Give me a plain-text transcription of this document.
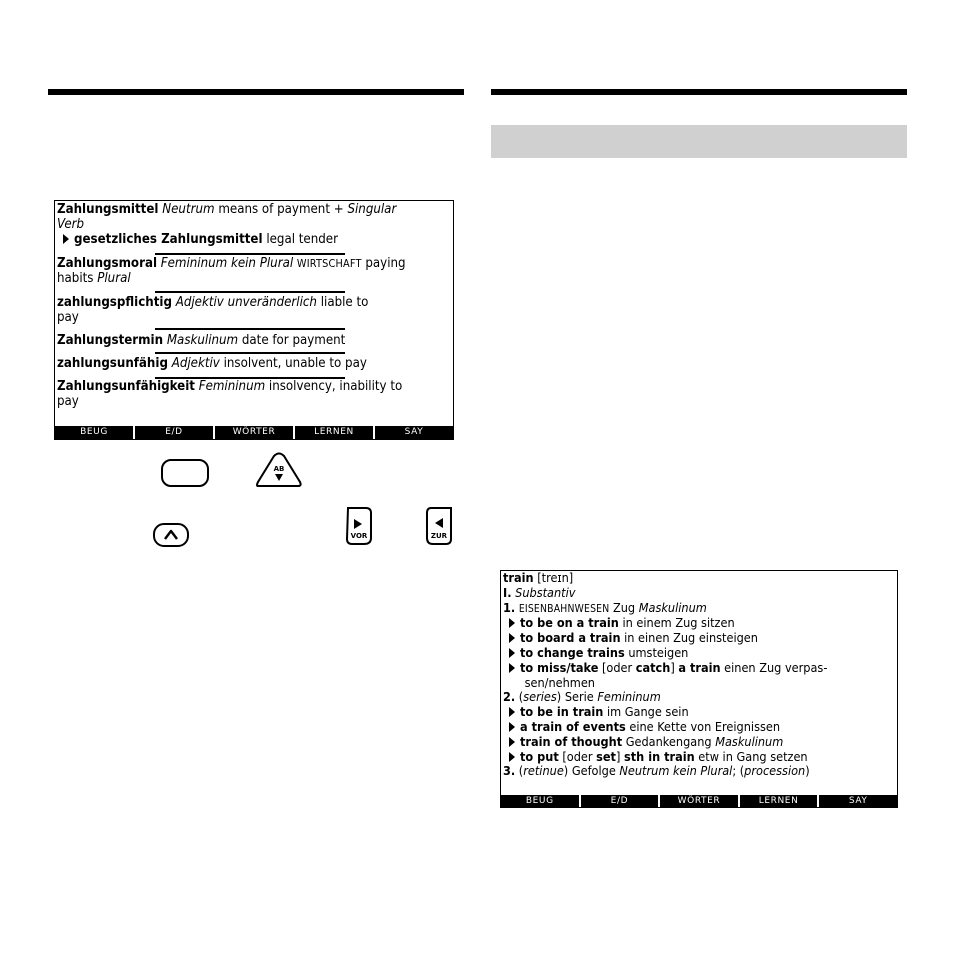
Zahlungsmittel Neutrum means of payment + Singular
Verb
gesetzliches Zahlungsmittel legal tender
Zahlungsmoral Femininum kein Plural WIRTSCHAFT paying
habits Plural
zahlungspflichtig Adjektiv unveränderlich liable to
pay
Zahlungstermin Maskulinum date for payment
zahlungsunfähig Adjektiv insolvent, unable to pay
Zahlungsunfähigkeit Femininum insolvency, inability to
pay
BEUG	E/D	WÖRTER	LERNEN	SAY
AB
VOR	ZUR
train [treɪn]
I. Substantiv
1. EISENBAHNWESEN Zug Maskulinum
to be on a train in einem Zug sitzen
to board a train in einen Zug einsteigen
to change trains umsteigen
to miss/take [oder catch] a train einen Zug verpas-
sen/nehmen
2. (series) Serie Femininum
to be in train im Gange sein
a train of events eine Kette von Ereignissen
train of thought Gedankengang Maskulinum
to put [oder set] sth in train etw in Gang setzen
3. (retinue) Gefolge Neutrum kein Plural; (procession)
BEUG	E/D	WÖRTER	LERNEN	SAY
